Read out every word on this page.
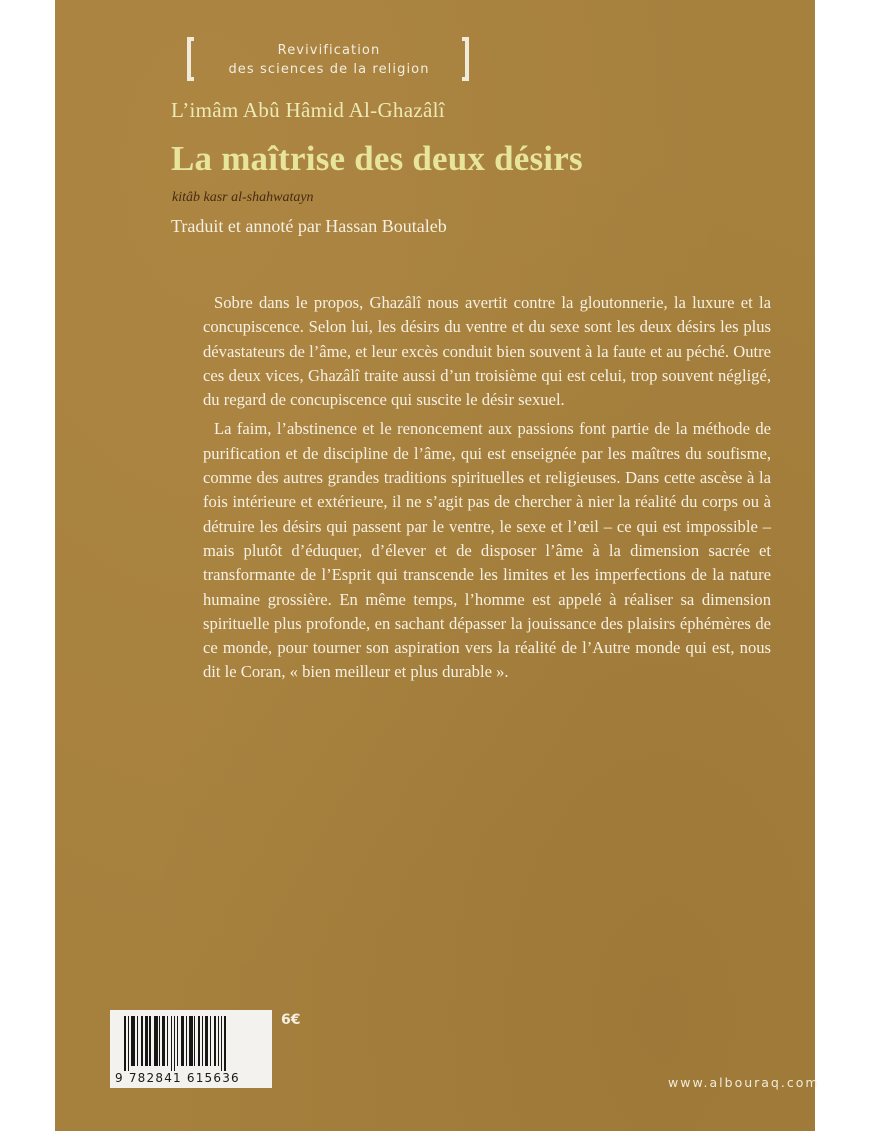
Revivification
des sciences de la religion
L’imâm Abû Hâmid Al-Ghazâlî
La maîtrise des deux désirs
kitâb kasr al-shahwatayn
Traduit et annoté par Hassan Boutaleb

Sobre dans le propos, Ghazâlî nous avertit contre la gloutonnerie, la luxure et la concupiscence. Selon lui, les désirs du ventre et du sexe sont les deux désirs les plus dévastateurs de l’âme, et leur excès conduit bien souvent à la faute et au péché. Outre ces deux vices, Ghazâlî traite aussi d’un troisième qui est celui, trop souvent négligé, du regard de concupiscence qui suscite le désir sexuel.

La faim, l’abstinence et le renoncement aux passions font partie de la méthode de purification et de discipline de l’âme, qui est enseignée par les maîtres du soufisme, comme des autres grandes traditions spirituelles et religieuses. Dans cette ascèse à la fois intérieure et extérieure, il ne s’agit pas de chercher à nier la réalité du corps ou à détruire les désirs qui passent par le ventre, le sexe et l’œil – ce qui est impossible – mais plutôt d’éduquer, d’élever et de disposer l’âme à la dimension sacrée et transformante de l’Esprit qui transcende les limites et les imperfections de la nature humaine grossière. En même temps, l’homme est appelé à réaliser sa dimension spirituelle plus profonde, en sachant dépasser la jouissance des plaisirs éphémères de ce monde, pour tourner son aspiration vers la réalité de l’Autre monde qui est, nous dit le Coran, « bien meilleur et plus durable ».

9 782841 615636
6€
www.albouraq.com
